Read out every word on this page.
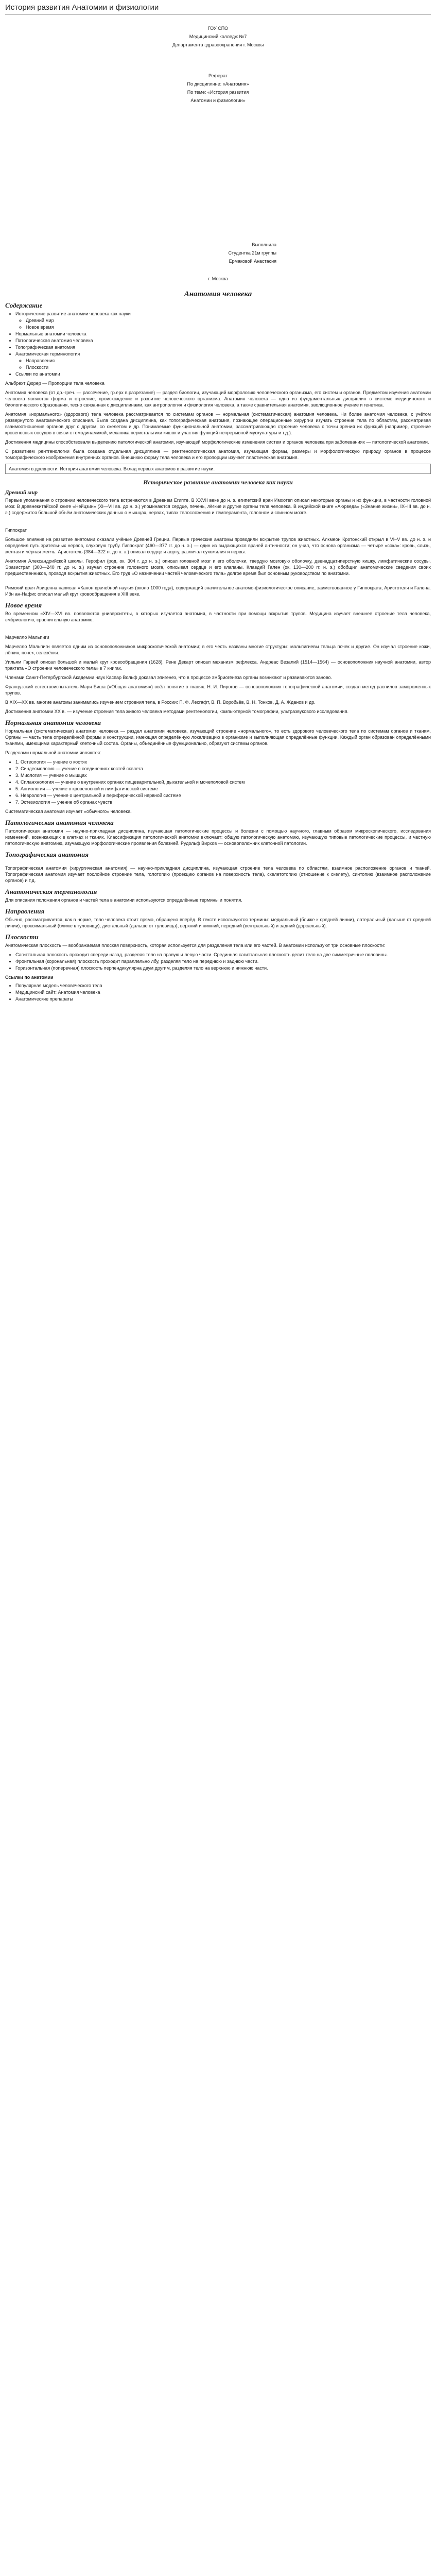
История развития Анатомии и физиологии
ГОУ СПО
Медицинский колледж №7
Департамента здравоохранения г. Москвы
Реферат
По дисциплине: «Анатомия»
По теме: «История развития
Анатомии и физиологии»
Выполнила
Студентка 21м группы
Ермаковой Анастасия
г. Москва
Анатомия человека
Содержание
• Исторические развитие анатомии человека как науки
◦ Древний мир
◦ Новое время
• Нормальные анатомии человека
• Патологическая анатомия человека
• Топографическая анатомия
• Анатомическая терминология
◦ Направления
◦ Плоскости
• Ссылки по анатомии

Альбрехт Дюрер — Пропорции тела человека

Анатомия человека (от др.-греч. — рассечение, гр.ерх в.разрезание) — раздел биологии, изучающий морфологию человеческого организма, его систем и органов. Предметом изучения анатомии человека являются форма и строение, происхождение и развитие человеческого организма. Анатомия человека — одна из фундаментальных дисциплин в системе медицинского и биологического образования, тесно связанная с дисциплинами, как антропология и физиология человека, а также сравнительная анатомия, эволюционное учение и генетика.

Анатомия «нормального» (здорового) тела человека рассматривается по системам органов — нормальная (систематическая) анатомия человека. Ни более анатомия человека, с учётом развернутого анатомического описания. Была создана дисциплина, как топографическая анатомия, познающее операционные хирургии изучать строение тела по областям, рассматривая взаимоотношение органов друг с другом, со скелетом и др. Понимаемые функциональной анатомии, рассматривающая строение человека с точки зрения их функций (например, строение кровеносных сосудов в связи с гемодинамикой, механика перистальтики кишок и участия функций непрерывной мускулатуры и т.д.).

Достижения медицины способствовали выделению патологической анатомии, изучающей морфологические изменения систем и органов человека при заболеваниях — патологической анатомии.

С развитием рентгенологии была создана отдельная дисциплина — рентгенологическая анатомия, изучающая формы, размеры и морфологическую природу органов в процессе томографического изображения внутренних органов. Внешнюю форму тела человека и его пропорции изучает пластическая анатомия.

Анатомия в древности. История анатомии человека. Вклад первых анатомов в развитие науки.
Историческое развитие анатомии человека как науки
Древний мир

Первые упоминания о строении человеческого тела встречаются в Древнем Египте. В XXVII веке до н. э. египетский врач Имхотеп описал некоторые органы и их функции, в частности головной мозг. В древнекитайской книге «Нейцзин» (XI—VII вв. до н. э.) упоминаются сердце, печень, лёгкие и другие органы тела человека. В индийской книге «Аюрведа» («Знание жизни», IX–III вв. до н. э.) содержится большой объём анатомических данных о мышцах, нервах, типах телосложения и темперамента, головном и спинном мозге.

Гиппократ

Большое влияние на развитие анатомии оказали учёные Древней Греции. Первые греческие анатомы проводили вскрытие трупов животных. Алкмеон Кротонский открыл в VI–V вв. до н. э. и определил путь зрительных нервов, слуховую трубу. Гиппократ (460—377 гг. до н. э.) — один из выдающихся врачей античности; он учил, что основа организма — четыре «сока»: кровь, слизь, жёлтая и чёрная желчь. Аристотель (384—322 гг. до н. э.) описал сердце и аорту, различал сухожилия и нервы.

Анатомия Александрийской школы. Герофил (род. ок. 304 г. до н. э.) описал головной мозг и его оболочки, твердую мозговую оболочку, двенадцатиперстную кишку, лимфатические сосуды. Эразистрат (300—240 гг. до н. э.) изучал строение головного мозга, описывал сердце и его клапаны. Клавдий Гален (ок. 130—200 гг. н. э.) обобщил анатомические сведения своих предшественников, проводя вскрытия животных. Его труд «О назначении частей человеческого тела» долгое время был основным руководством по анатомии.

Римский врач Авиценна написал «Канон врачебной науки» (около 1000 года), содержащий значительное анатомо-физиологическое описание, заимствованное у Гиппократа, Аристотеля и Галена. Ибн ан-Нафис описал малый круг кровообращения в XIII веке.

Новое время

Во временном «XIV—XVI вв. появляются университеты, в которых изучается анатомия, в частности при помощи вскрытия трупов. Медицина изучает внешнее строение тела человека, эмбриологию, сравнительную анатомию.

Марчелло Мальпиги

Марчелло Мальпиги является одним из основоположников микроскопической анатомии; в его честь названы многие структуры: мальпигиевы тельца почек и другие. Он изучал строение кожи, лёгких, почек, селезёнки.

Уильям Гарвей описал большой и малый круг кровообращения (1628). Рене Декарт описал механизм рефлекса. Андреас Везалий (1514—1564) — основоположник научной анатомии, автор трактата «О строении человеческого тела» в 7 книгах.

Членами Санкт-Петербургской Академии наук Каспар Вольф доказал эпигенез, что в процессе эмбриогенеза органы возникают и развиваются заново.

Французский естествоиспытатель Мари Биша («Общая анатомия») ввёл понятие о тканях. Н. И. Пирогов — основоположник топографической анатомии, создал метод распилов замороженных трупов.

В XIX—XX вв. многие анатомы занимались изучением строения тела, в России: П. Ф. Лесгафт, В. П. Воробьёв, В. Н. Тонков, Д. А. Жданов и др.

Достижения анатомии XX в. — изучение строения тела живого человека методами рентгенологии, компьютерной томографии, ультразвукового исследования.

Нормальная анатомия человека

Нормальная (систематическая) анатомия человека — раздел анатомии человека, изучающий строение «нормального», то есть здорового человеческого тела по системам органов и тканям. Органы — часть тела определённой формы и конструкции, имеющая определённую локализацию в организме и выполняющая определённые функции. Каждый орган образован определёнными тканями, имеющими характерный клеточный состав. Органы, объединённые функционально, образуют системы органов.

Разделами нормальной анатомии являются:

• 1. Остеология — учение о костях
• 2. Синдесмология — учение о соединениях костей скелета
• 3. Миология — учение о мышцах
• 4. Спланхнология — учение о внутренних органах пищеварительной, дыхательной и мочеполовой систем
• 5. Ангиология — учение о кровеносной и лимфатической системе
• 6. Неврология — учение о центральной и периферической нервной системе
• 7. Эстезиология — учение об органах чувств

Систематическая анатомия изучает «обычного» человека.

Патологическая анатомия человека

Патологическая анатомия — научно-прикладная дисциплина, изучающая патологические процессы и болезни с помощью научного, главным образом микроскопического, исследования изменений, возникающих в клетках и тканях. Классификация патологической анатомии включает: общую патологическую анатомию, изучающую типовые патологические процессы, и частную патологическую анатомию, изучающую морфологические проявления болезней. Рудольф Вирхов — основоположник клеточной патологии.

Топографическая анатомия

Топографическая анатомия (хирургическая анатомия) — научно-прикладная дисциплина, изучающая строение тела человека по областям, взаимное расположение органов и тканей. Топографическая анатомия изучает послойное строение тела, голотопию (проекцию органов на поверхность тела), скелетотопию (отношение к скелету), синтопию (взаимное расположение органов) и т.д.

Анатомическая терминология

Для описания положения органов и частей тела в анатомии используются определённые термины и понятия.

Направления

Обычно, рассматривается, как в норме, тело человека стоит прямо, обращено вперёд. В тексте используются термины: медиальный (ближе к средней линии), латеральный (дальше от средней линии), проксимальный (ближе к туловищу), дистальный (дальше от туловища), верхний и нижний, передний (вентральный) и задний (дорсальный).

Плоскости

Анатомическая плоскость — воображаемая плоская поверхность, которая используется для разделения тела или его частей. В анатомии используют три основные плоскости:

• Сагиттальная плоскость проходит спереди назад, разделяя тело на правую и левую части. Срединная сагиттальная плоскость делит тело на две симметричные половины.
• Фронтальная (корональная) плоскость проходит параллельно лбу, разделяя тело на переднюю и заднюю части.
• Горизонтальная (поперечная) плоскость перпендикулярна двум другим, разделяя тело на верхнюю и нижнюю части.
Ссылки по анатомии
• Популярная модель человеческого тела
• Медицинский сайт: Анатомия человека
• Анатомические препараты
